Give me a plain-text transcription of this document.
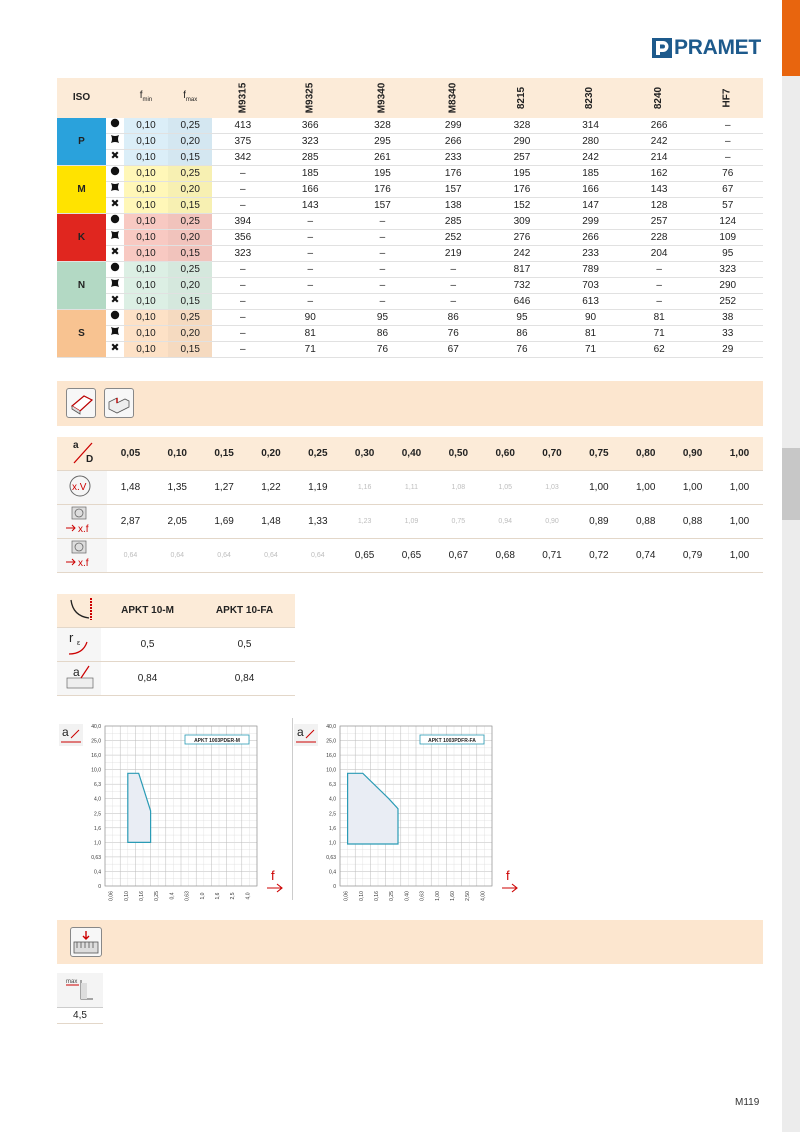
PRAMET
ISO		$f_{min}$	$f_{max}$	M9315	M9325	M9340	M8340	8215	8230	8240	HF7
P		0,10	0,25	413	366	328	299	328	314	266	–
	0,10	0,20	375	323	295	266	290	280	242	–
	0,10	0,15	342	285	261	233	257	242	214	–
M		0,10	0,25	–	185	195	176	195	185	162	76
	0,10	0,20	–	166	176	157	176	166	143	67
	0,10	0,15	–	143	157	138	152	147	128	57
K		0,10	0,25	394	–	–	285	309	299	257	124
	0,10	0,20	356	–	–	252	276	266	228	109
	0,10	0,15	323	–	–	219	242	233	204	95
N		0,10	0,25	–	–	–	–	817	789	–	323
	0,10	0,20	–	–	–	–	732	703	–	290
	0,10	0,15	–	–	–	–	646	613	–	252
S		0,10	0,25	–	90	95	86	95	90	81	38
	0,10	0,20	–	81	86	76	86	81	71	33
	0,10	0,15	–	71	76	67	76	71	62	29
a
D	0,05	0,10	0,15	0,20	0,25	0,30	0,40	0,50	0,60	0,70	0,75	0,80	0,90	1,00

x.V	1,48	1,35	1,27	1,22	1,19	1,16	1,11	1,08	1,05	1,03	1,00	1,00	1,00	1,00

x.f	2,87	2,05	1,69	1,48	1,33	1,23	1,09	0,75	0,94	0,90	0,89	0,88	0,88	1,00

x.f	0,64	0,64	0,64	0,64	0,64	0,65	0,65	0,67	0,68	0,71	0,72	0,74	0,79	1,00
	APKT 10-M	APKT 10-FA

r ε	0,5	0,5

a	0,84	0,84
a	40,0
25,0
16,0
10,0
6,3
4,0
2,5
1,6
1,0
0,63
0,4
0
0,06 0,10 0,16 0,25 0,4 0,63 1,0 1,6 2,5 4,0
APKT 1003PDER-M
f
a	40,0
25,0
16,0
10,0
6,3
4,0
2,5
1,6
1,0
0,63
0,4
0
0,06 0,10 0,16 0,25 0,40 0,63 1,00 1,60 2,50 4,00
APKT 1003PDFR-FA
f
max
4,5
M119
